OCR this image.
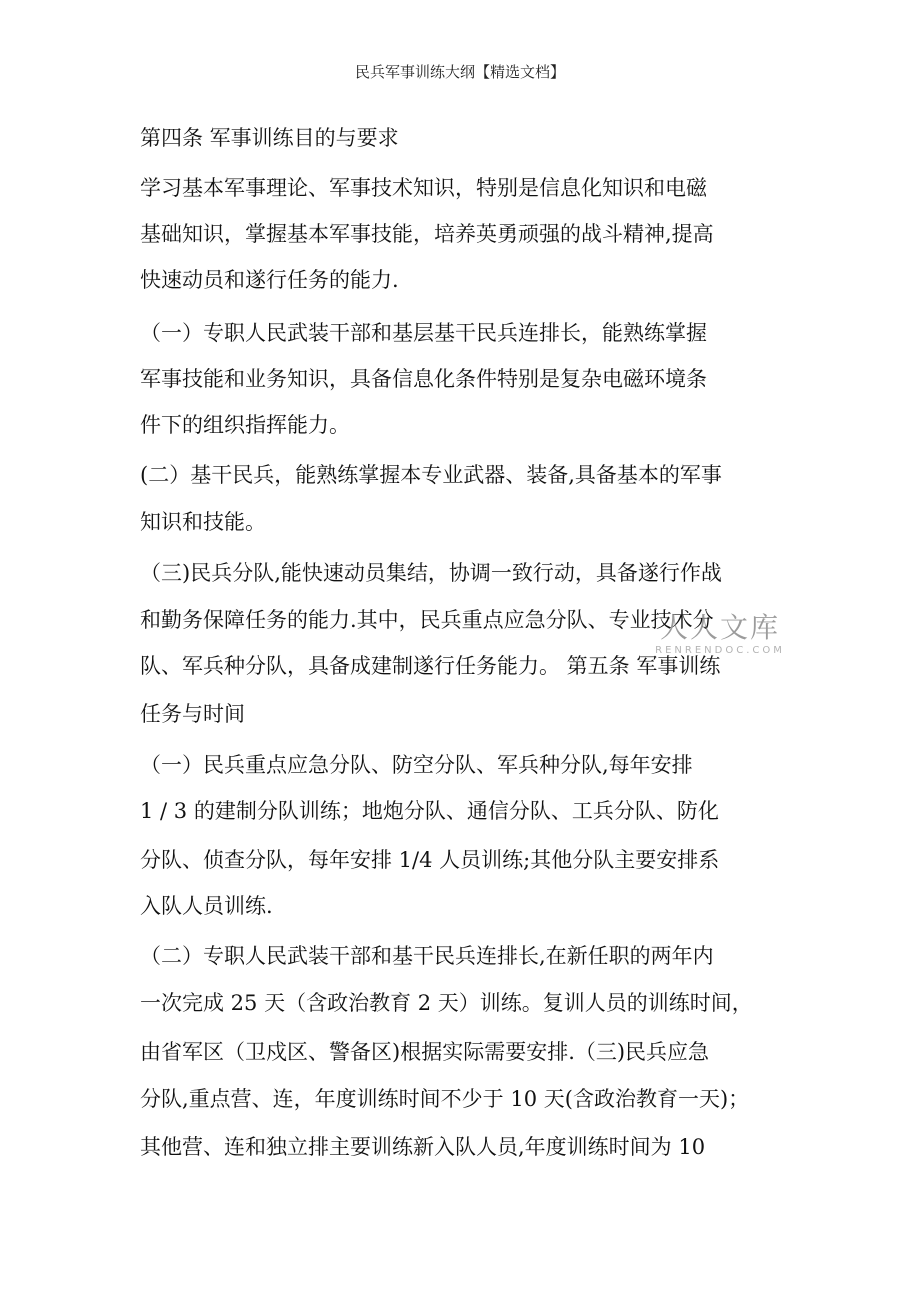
民兵军事训练大纲【精选文档】
第四条 军事训练目的与要求
学习基本军事理论、军事技术知识，特别是信息化知识和电磁
基础知识，掌握基本军事技能，培养英勇顽强的战斗精神,提高
快速动员和遂行任务的能力.
（一）专职人民武装干部和基层基干民兵连排长，能熟练掌握
军事技能和业务知识，具备信息化条件特别是复杂电磁环境条
件下的组织指挥能力。
(二）基干民兵，能熟练掌握本专业武器、装备,具备基本的军事
知识和技能。
（三)民兵分队,能快速动员集结，协调一致行动，具备遂行作战
和勤务保障任务的能力.其中，民兵重点应急分队、专业技术分
队、军兵种分队，具备成建制遂行任务能力。 第五条 军事训练
任务与时间
（一）民兵重点应急分队、防空分队、军兵种分队,每年安排
1 / 3 的建制分队训练；地炮分队、通信分队、工兵分队、防化
分队、侦查分队，每年安排 1/4 人员训练;其他分队主要安排系
入队人员训练.
（二）专职人民武装干部和基干民兵连排长,在新任职的两年内
一次完成 25 天（含政治教育 2 天）训练。复训人员的训练时间，
由省军区（卫戍区、警备区)根据实际需要安排.（三)民兵应急
分队,重点营、连，年度训练时间不少于 10 天(含政治教育一天)；
其他营、连和独立排主要训练新入队人员,年度训练时间为 10
人人文库
RENRENDOC.COM
